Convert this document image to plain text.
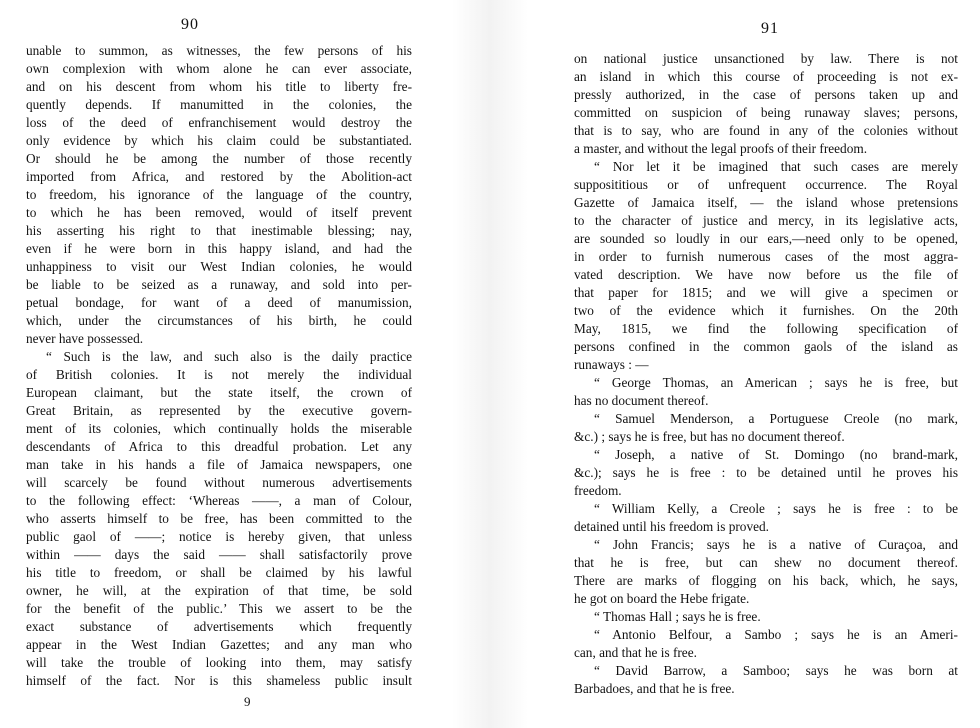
90
unable to summon, as witnesses, the few persons of his
own complexion with whom alone he can ever associate,
and on his descent from whom his title to liberty fre-
quently depends. If manumitted in the colonies, the
loss of the deed of enfranchisement would destroy the
only evidence by which his claim could be substantiated.
Or should he be among the number of those recently
imported from Africa, and restored by the Abolition-act
to freedom, his ignorance of the language of the country,
to which he has been removed, would of itself prevent
his asserting his right to that inestimable blessing; nay,
even if he were born in this happy island, and had the
unhappiness to visit our West Indian colonies, he would
be liable to be seized as a runaway, and sold into per-
petual bondage, for want of a deed of manumission,
which, under the circumstances of his birth, he could
never have possessed.
“ Such is the law, and such also is the daily practice
of British colonies. It is not merely the individual
European claimant, but the state itself, the crown of
Great Britain, as represented by the executive govern-
ment of its colonies, which continually holds the miserable
descendants of Africa to this dreadful probation. Let any
man take in his hands a file of Jamaica newspapers, one
will scarcely be found without numerous advertisements
to the following effect: ‘Whereas ——, a man of Colour,
who asserts himself to be free, has been committed to the
public gaol of ——; notice is hereby given, that unless
within —— days the said —— shall satisfactorily prove
his title to freedom, or shall be claimed by his lawful
owner, he will, at the expiration of that time, be sold
for the benefit of the public.’ This we assert to be the
exact substance of advertisements which frequently
appear in the West Indian Gazettes; and any man who
will take the trouble of looking into them, may satisfy
himself of the fact. Nor is this shameless public insult
9
91
on national justice unsanctioned by law. There is not
an island in which this course of proceeding is not ex-
pressly authorized, in the case of persons taken up and
committed on suspicion of being runaway slaves; persons,
that is to say, who are found in any of the colonies without
a master, and without the legal proofs of their freedom.
“ Nor let it be imagined that such cases are merely
supposititious or of unfrequent occurrence. The Royal
Gazette of Jamaica itself, — the island whose pretensions
to the character of justice and mercy, in its legislative acts,
are sounded so loudly in our ears,—need only to be opened,
in order to furnish numerous cases of the most aggra-
vated description. We have now before us the file of
that paper for 1815; and we will give a specimen or
two of the evidence which it furnishes. On the 20th
May, 1815, we find the following specification of
persons confined in the common gaols of the island as
runaways : —
“ George Thomas, an American ; says he is free, but
has no document thereof.
“ Samuel Menderson, a Portuguese Creole (no mark,
&c.) ; says he is free, but has no document thereof.
“ Joseph, a native of St. Domingo (no brand-mark,
&c.); says he is free : to be detained until he proves his
freedom.
“ William Kelly, a Creole ; says he is free : to be
detained until his freedom is proved.
“ John Francis; says he is a native of Curaçoa, and
that he is free, but can shew no document thereof.
There are marks of flogging on his back, which, he says,
he got on board the Hebe frigate.
“ Thomas Hall ; says he is free.
“ Antonio Belfour, a Sambo ; says he is an Ameri-
can, and that he is free.
“ David Barrow, a Samboo; says he was born at
Barbadoes, and that he is free.
